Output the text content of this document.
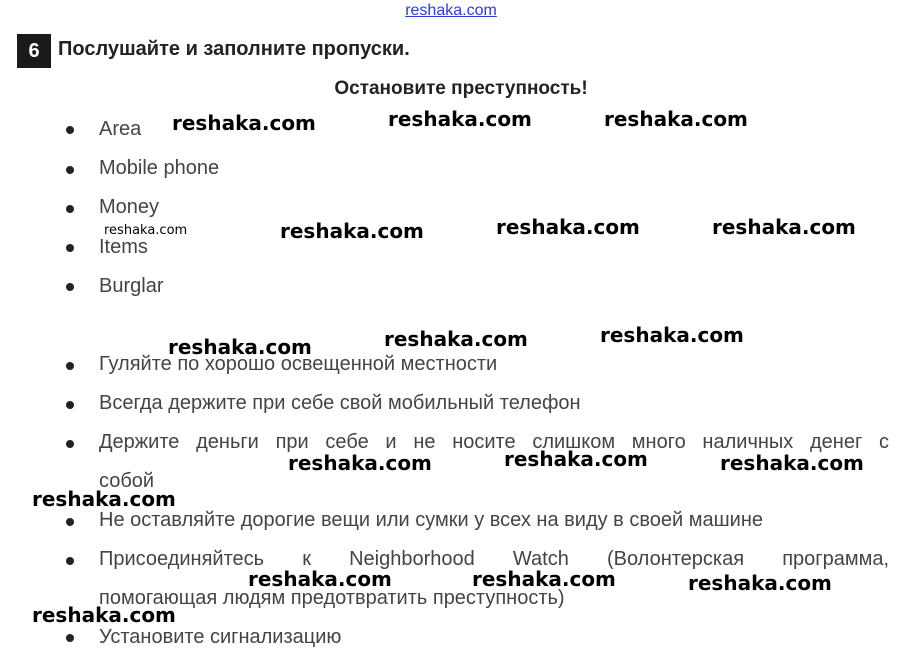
reshaka.com
6 Послушайте и заполните пропуски.
Остановите преступность!
Area
Mobile phone
Money
Items
Burglar
Гуляйте по хорошо освещенной местности
Всегда держите при себе свой мобильный телефон
Держите деньги при себе и не носите слишком много наличных денег с
собой
Не оставляйте дорогие вещи или сумки у всех на виду в своей машине
Присоединяйтесь к Neighborhood Watch (Волонтерская программа,
помогающая людям предотвратить преступность)
Установите сигнализацию
reshaka.com	reshaka.com	reshaka.com
reshaka.com	reshaka.com	reshaka.com	reshaka.com
reshaka.com	reshaka.com	reshaka.com
reshaka.com	reshaka.com	reshaka.com
reshaka.com
reshaka.com	reshaka.com	reshaka.com
reshaka.com
